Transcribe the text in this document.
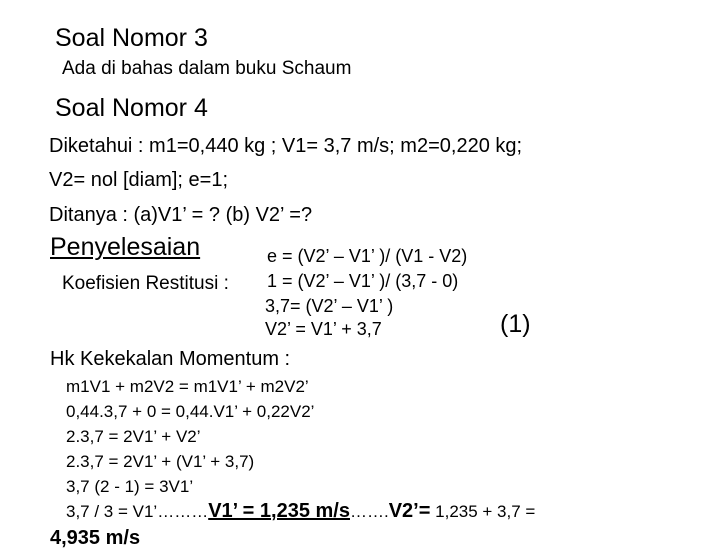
Soal Nomor 3
Ada di bahas dalam buku Schaum
Soal Nomor 4
Diketahui : m1=0,440 kg ; V1= 3,7 m/s; m2=0,220 kg;
V2= nol [diam]; e=1;
Ditanya : (a)V1’ = ? (b) V2’ =?
Penyelesaian	e = (V2’ – V1’ )/ (V1 - V2)
Koefisien Restitusi : 1 = (V2’ – V1’ )/ (3,7 - 0)
3,7= (V2’ – V1’ )
V2’ = V1’ + 3,7	(1)
Hk Kekekalan Momentum :
m1V1 + m2V2 = m1V1’ + m2V2’
0,44.3,7 + 0 = 0,44.V1’ + 0,22V2’
2.3,7 = 2V1’ + V2’
2.3,7 = 2V1’ + (V1’ + 3,7)
3,7 (2 - 1) = 3V1’
3,7 / 3 = V1’………V1’ = 1,235 m/s…….V2’= 1,235 + 3,7 =
4,935 m/s
